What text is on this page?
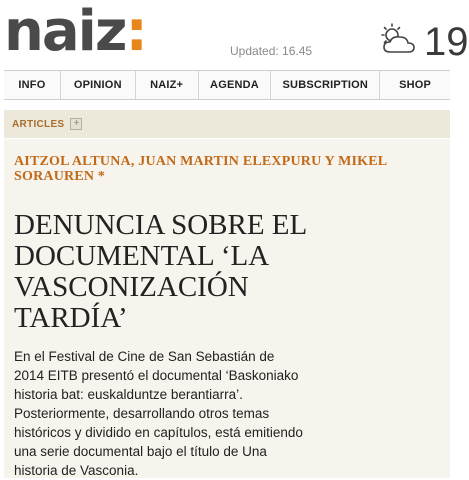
naiz:	Updated: 16.45	19
INFO	OPINION	NAIZ+	AGENDA	SUBSCRIPTION	SHOP
ARTICLES +
AITZOL ALTUNA, JUAN MARTIN ELEXPURU Y MIKEL SORAUREN *
DENUNCIA SOBRE EL DOCUMENTAL ‘LA VASCONIZACIÓN TARDÍA’
En el Festival de Cine de San Sebastián de 2014 EITB presentó el documental ‘Baskoniako historia bat: euskalduntze berantiarra’. Posteriormente, desarrollando otros temas históricos y dividido en capítulos, está emitiendo una serie documental bajo el título de Una historia de Vasconia.
